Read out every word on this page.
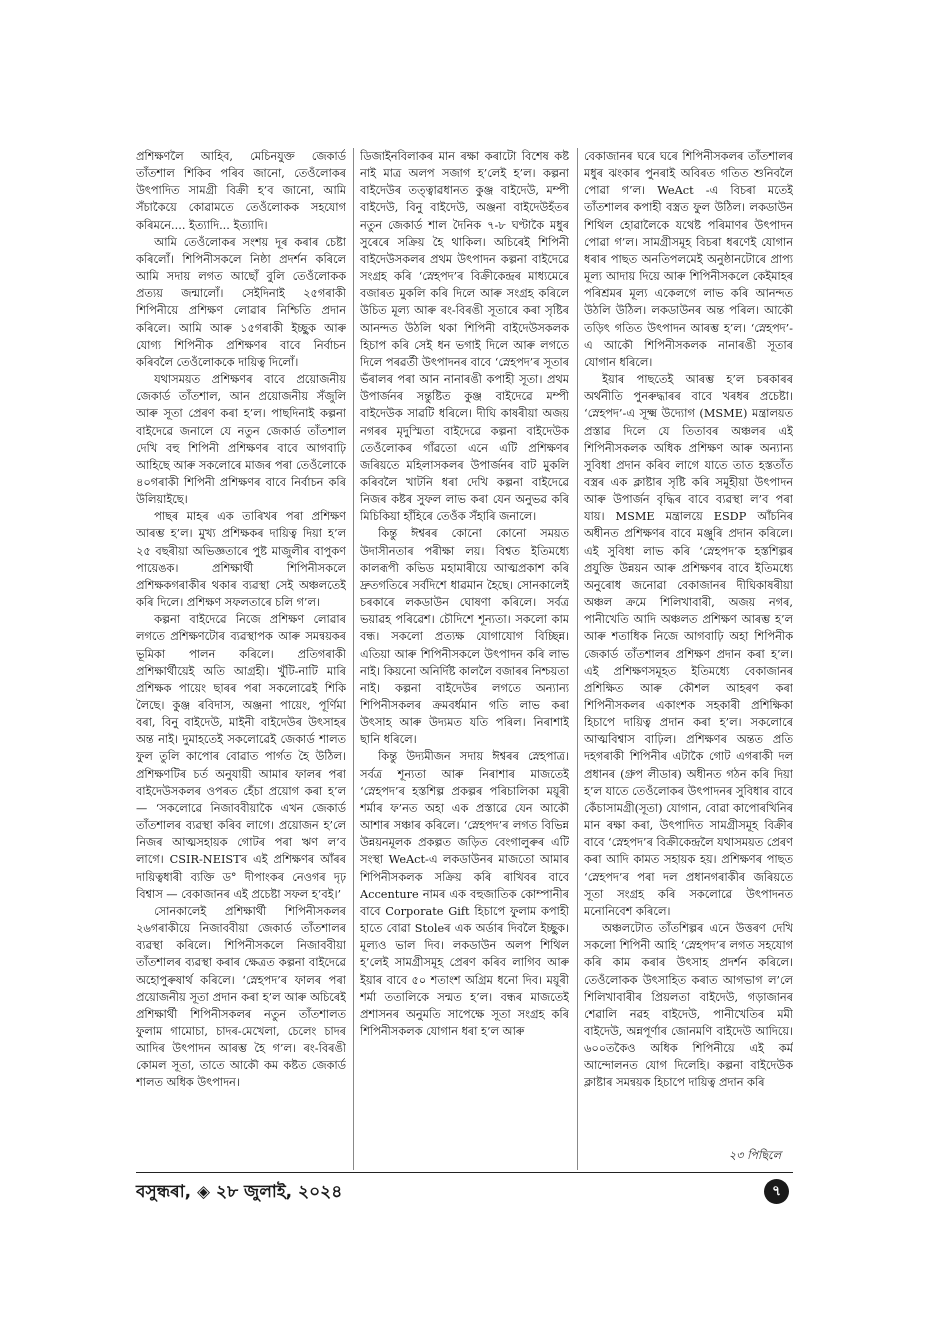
প্ৰশিক্ষণলৈ আহিব, মেচিনযুক্ত জেকাৰ্ড তাঁতশাল শিকিব পৰিব জানো, তেওঁলোকৰ উৎপাদিত সামগ্ৰী বিক্ৰী হ’ব জানো, আমি সঁচাকৈয়ে কোৱামতে তেওঁলোকক সহযোগ কৰিমনে.... ইত্যাদি... ইত্যাদি।

আমি তেওঁলোকৰ সংশয় দূৰ কৰাৰ চেষ্টা কৰিলোঁ। শিপিনীসকলে নিষ্ঠা প্ৰদৰ্শন কৰিলে আমি সদায় লগত আছোঁ বুলি তেওঁলোকক প্ৰত্যয় জন্মালোঁ। সেইদিনাই ২৫গৰাকী শিপিনীয়ে প্ৰশিক্ষণ লোৱাৰ নিশ্চিতি প্ৰদান কৰিলে। আমি আৰু ১৫গৰাকী ইচ্ছুক আৰু যোগ্য শিপিনীক প্ৰশিক্ষণৰ বাবে নিৰ্বাচন কৰিবলৈ তেওঁলোককে দায়িত্ব দিলোঁ।

যথাসময়ত প্ৰশিক্ষণৰ বাবে প্ৰয়োজনীয় জেকাৰ্ড তাঁতশাল, আন প্ৰয়োজনীয় সঁজুলি আৰু সূতা প্ৰেৰণ কৰা হ’ল। পাছদিনাই কল্পনা বাইদেৱে জনালে যে নতুন জেকাৰ্ড তাঁতশাল দেখি বহু শিপিনী প্ৰশিক্ষণৰ বাবে আগবাঢ়ি আহিছে আৰু সকলোৰে মাজৰ পৰা তেওঁলোকে ৪০গৰাকী শিপিনী প্ৰশিক্ষণৰ বাবে নিৰ্বাচন কৰি উলিয়াইছে।

পাছৰ মাহৰ এক তাৰিখৰ পৰা প্ৰশিক্ষণ আৰম্ভ হ’ল। মুখ্য প্ৰশিক্ষকৰ দায়িত্ব দিয়া হ’ল ২৫ বছৰীয়া অভিজ্ঞতাৰে পুষ্ট মাজুলীৰ বাপুকণ পায়েঙক। প্ৰশিক্ষাৰ্থী শিপিনীসকলে প্ৰশিক্ষকগৰাকীৰ থকাৰ ব্যৱস্থা সেই অঞ্চলতেই কৰি দিলে। প্ৰশিক্ষণ সফলতাৰে চলি গ’ল।

কল্পনা বাইদেৱে নিজে প্ৰশিক্ষণ লোৱাৰ লগতে প্ৰশিক্ষণটোৰ ব্যৱস্থাপক আৰু সমন্বয়কৰ ভূমিকা পালন কৰিলে। প্ৰতিগৰাকী প্ৰশিক্ষাৰ্থীয়েই অতি আগ্ৰহী। খুঁটি-নাটি মাৰি প্ৰশিক্ষক পায়েং ছাৰৰ পৰা সকলোৱেই শিকি লৈছে। কুঞ্জ ৰবিদাস, অঞ্জনা পায়েং, পূৰ্ণিমা বৰা, বিনু বাইদেউ, মাইনী বাইদেউৰ উৎসাহৰ অন্ত নাই। দুমাহতেই সকলোৱেই জেকাৰ্ড শালত ফুল তুলি কাপোৰ বোৱাত পাৰ্গত হৈ উঠিল। প্ৰশিক্ষণটিৰ চৰ্ত অনুযায়ী আমাৰ ফালৰ পৰা বাইদেউসকলৰ ওপৰত হেঁচা প্ৰয়োগ কৰা হ’ল— ‘সকলোৱে নিজাববীয়াকৈ এখন জেকাৰ্ড তাঁতশালৰ ব্যৱস্থা কৰিব লাগে। প্ৰয়োজন হ’লে নিজৰ আত্মসহায়ক গোটৰ পৰা ঋণ ল’ব লাগে। CSIR-NEISTৰ এই প্ৰশিক্ষণৰ আঁৰৰ দায়িত্বধাৰী ব্যক্তি ড° দীপাংকৰ নেওগৰ দৃঢ় বিশ্বাস — বেকাজানৰ এই প্ৰচেষ্টা সফল হ’বই।’

সোনকালেই প্ৰশিক্ষাৰ্থী শিপিনীসকলৰ ২৬গৰাকীয়ে নিজাববীয়া জেকাৰ্ড তাঁতশালৰ ব্যৱস্থা কৰিলে। শিপিনীসকলে নিজাববীয়া তাঁতশালৰ ব্যৱস্থা কৰাৰ ক্ষেত্ৰত কল্পনা বাইদেৱে অহোপুৰুষাৰ্থ কৰিলে। ‘স্নেহপদ’ৰ ফালৰ পৰা প্ৰয়োজনীয় সূতা প্ৰদান কৰা হ’ল আৰু অচিৰেই প্ৰশিক্ষাৰ্থী শিপিনীসকলৰ নতুন তাঁতশালত ফুলাম গামোচা, চাদৰ-মেখেলা, চেলেং চাদৰ আদিৰ উৎপাদন আৰম্ভ হৈ গ’ল। ৰং-বিৰঙী কোমল সূতা, তাতে আকৌ কম কষ্টত জেকাৰ্ড শালত অধিক উৎপাদন।

ডিজাইনবিলাকৰ মান ৰক্ষা কৰাটো বিশেষ কষ্ট নাই মাত্ৰ অলপ সজাগ হ’লেই হ’ল। কল্পনা বাইদেউৰ তত্ত্বাৱধানত কুঞ্জ বাইদেউ, মম্পী বাইদেউ, বিনু বাইদেউ, অঞ্জনা বাইদেউহঁতৰ নতুন জেকাৰ্ড শাল দৈনিক ৭-৮ ঘণ্টাকৈ মধুৰ সুৰেৰে সক্ৰিয় হৈ থাকিল। অচিৰেই শিপিনী বাইদেউসকলৰ প্ৰথম উৎপাদন কল্পনা বাইদেৱে সংগ্ৰহ কৰি ‘স্নেহপদ’ৰ বিক্ৰীকেন্দ্ৰৰ মাধ্যমেৰে বজাৰত মুকলি কৰি দিলে আৰু সংগ্ৰহ কৰিলে উচিত মূল্য আৰু ৰং-বিৰঙী সূতাৰে কৰা সৃষ্টিৰ আনন্দত উঠলি থকা শিপিনী বাইদেউসকলক হিচাপ কৰি সেই ধন ভগাই দিলে আৰু লগতে দিলে পৰৱৰ্তী উৎপাদনৰ বাবে ‘স্নেহপদ’ৰ সূতাৰ ভঁৰালৰ পৰা আন নানাৰঙী কপাহী সূতা। প্ৰথম উপাৰ্জনৰ সন্তুষ্টিত কুঞ্জ বাইদেৱে মম্পী বাইদেউক সাৱটি ধৰিলে। দীঘি কাষৰীয়া অজয় নগৰৰ মৃদুস্মিতা বাইদেৱে কল্পনা বাইদেউক তেওঁলোকৰ গাঁৱতো এনে এটি প্ৰশিক্ষণৰ জৰিয়তে মহিলাসকলৰ উপাৰ্জনৰ বাট মুকলি কৰিবলৈ খাটনি ধৰা দেখি কল্পনা বাইদেৱে নিজৰ কষ্টৰ সুফল লাভ কৰা যেন অনুভৱ কৰি মিচিকিয়া হাঁহিৰে তেওঁক সঁহাৰি জনালে।

কিন্তু ঈশ্বৰৰ কোনো কোনো সময়ত উদাসীনতাৰ পৰীক্ষা লয়। বিশ্বত ইতিমধ্যে কালৰূপী কভিড মহামাৰীয়ে আত্মপ্ৰকাশ কৰি দ্ৰুতগতিৰে সৰ্বদিশে ধাৱমান হৈছে। সোনকালেই চৰকাৰে লকডাউন ঘোষণা কৰিলে। সৰ্বত্ৰ ভয়াৱহ পৰিৱেশ। চৌদিশে শূন্যতা। সকলো কাম বন্ধ। সকলো প্ৰত্যক্ষ যোগাযোগ বিচ্ছিন্ন। এতিয়া আৰু শিপিনীসকলে উৎপাদন কৰি লাভ নাই। কিয়নো অনিৰ্দিষ্ট কাললৈ বজাৰৰ নিশ্চয়তা নাই। কল্পনা বাইদেউৰ লগতে অন্যান্য শিপিনীসকলৰ ক্ৰমবৰ্ধমান গতি লাভ কৰা উৎসাহ আৰু উদ্যমত যতি পৰিল। নিৰাশাই ছানি ধৰিলে।

কিন্তু উদ্যমীজন সদায় ঈশ্বৰৰ স্নেহপাত্ৰ। সৰ্বত্ৰ শূন্যতা আৰু নিৰাশাৰ মাজতেই ‘স্নেহপদ’ৰ হস্তশিল্প প্ৰকল্পৰ পৰিচালিকা ময়ূৰী শৰ্মাৰ ফ’নত অহা এক প্ৰস্তাৱে যেন আকৌ আশাৰ সঞ্চাৰ কৰিলে। ‘স্নেহপদ’ৰ লগত বিভিন্ন উন্নয়নমূলক প্ৰকল্পত জড়িত বেংগালুৰুৰ এটি সংস্থা WeAct-এ লকডাউনৰ মাজতো আমাৰ শিপিনীসকলক সক্ৰিয় কৰি ৰাখিবৰ বাবে Accenture নামৰ এক বহুজাতিক কোম্পানীৰ বাবে Corporate Gift হিচাপে ফুলাম কপাহী হাতে বোৱা Stoleৰ এক অৰ্ডাৰ দিবলৈ ইচ্ছুক। মূল্যও ভাল দিব। লকডাউন অলপ শিথিল হ’লেই সামগ্ৰীসমূহ প্ৰেৰণ কৰিব লাগিব আৰু ইয়াৰ বাবে ৫০ শতাংশ অগ্ৰিম ধনো দিব। ময়ূৰী শৰ্মা ততালিকে সন্মত হ’ল। বন্ধৰ মাজতেই প্ৰশাসনৰ অনুমতি সাপেক্ষে সূতা সংগ্ৰহ কৰি শিপিনীসকলক যোগান ধৰা হ’ল আৰু

বেকাজানৰ ঘৰে ঘৰে শিপিনীসকলৰ তাঁতশালৰ মধুৰ ঝংকাৰ পুনৰাই অবিৰত গতিত শুনিবলৈ পোৱা গ’ল। WeAct -এ বিচৰা মতেই তাঁতশালৰ কপাহী বস্ত্ৰত ফুল উঠিল। লকডাউন শিথিল হোৱালৈকে যথেষ্ট পৰিমাণৰ উৎপাদন পোৱা গ’ল। সামগ্ৰীসমূহ বিচৰা ধৰণেই যোগান ধৰাৰ পাছত অনতিপলমেই অনুষ্ঠানটোৰে প্ৰাপ্য মূল্য আদায় দিয়ে আৰু শিপিনীসকলে কেইমাহৰ পৰিশ্ৰমৰ মূল্য একেলগে লাভ কৰি আনন্দত উঠলি উঠিল। লকডাউনৰ অন্ত পৰিল। আকৌ তড়িৎ গতিত উৎপাদন আৰম্ভ হ’ল। ‘স্নেহপদ’-এ আকৌ শিপিনীসকলক নানাৰঙী সূতাৰ যোগান ধৰিলে।

ইয়াৰ পাছতেই আৰম্ভ হ’ল চৰকাৰৰ অৰ্থনীতি পুনৰুদ্ধাৰৰ বাবে খৰধৰ প্ৰচেষ্টা। ‘স্নেহপদ’-এ সূক্ষ্ম উদ্যোগ (MSME) মন্ত্ৰালয়ত প্ৰস্তাৱ দিলে যে তিতাবৰ অঞ্চলৰ এই শিপিনীসকলক অধিক প্ৰশিক্ষণ আৰু অন্যান্য সুবিধা প্ৰদান কৰিব লাগে যাতে তাত হস্ততাঁত বস্ত্ৰৰ এক ক্লাষ্টাৰ সৃষ্টি কৰি সমূহীয়া উৎপাদন আৰু উপাৰ্জন বৃদ্ধিৰ বাবে ব্যৱস্থা ল’ব পৰা যায়। MSME মন্ত্ৰালয়ে ESDP আঁচনিৰ অধীনত প্ৰশিক্ষণৰ বাবে মঞ্জুৰি প্ৰদান কৰিলে। এই সুবিধা লাভ কৰি ‘স্নেহপদ’ক হস্তশিল্পৰ প্ৰযুক্তি উন্নয়ন আৰু প্ৰশিক্ষণৰ বাবে ইতিমধ্যে অনুৰোধ জনোৱা বেকাজানৰ দীঘিকাষৰীয়া অঞ্চল ক্ৰমে শিলিখাবাৰী, অজয় নগৰ, পানীখেতি আদি অঞ্চলত প্ৰশিক্ষণ আৰম্ভ হ’ল আৰু শতাধিক নিজে আগবাঢ়ি অহা শিপিনীক জেকাৰ্ড তাঁতশালৰ প্ৰশিক্ষণ প্ৰদান কৰা হ’ল। এই প্ৰশিক্ষণসমূহত ইতিমধ্যে বেকাজানৰ প্ৰশিক্ষিত আৰু কৌশল আহৰণ কৰা শিপিনীসকলৰ একাংশক সহকাৰী প্ৰশিক্ষিকা হিচাপে দায়িত্ব প্ৰদান কৰা হ’ল। সকলোৰে আত্মবিশ্বাস বাঢ়িল। প্ৰশিক্ষণৰ অন্তত প্ৰতি দহগৰাকী শিপিনীৰ এটাকৈ গোট এগৰাকী দল প্ৰধানৰ (গ্ৰুপ লীডাৰ) অধীনত গঠন কৰি দিয়া হ’ল যাতে তেওঁলোকৰ উৎপাদনৰ সুবিধাৰ বাবে কেঁচাসামগ্ৰী(সূতা) যোগান, বোৱা কাপোৰখিনিৰ মান ৰক্ষা কৰা, উৎপাদিত সামগ্ৰীসমূহ বিক্ৰীৰ বাবে ‘স্নেহপদ’ৰ বিক্ৰীকেন্দ্ৰলৈ যথাসময়ত প্ৰেৰণ কৰা আদি কামত সহায়ক হয়। প্ৰশিক্ষণৰ পাছত ‘স্নেহপদ’ৰ পৰা দল প্ৰধানগৰাকীৰ জৰিয়তে সূতা সংগ্ৰহ কৰি সকলোৱে উৎপাদনত মনোনিবেশ কৰিলে।

অঞ্চলটোত তাঁতশিল্পৰ এনে উত্তৰণ দেখি সকলো শিপিনী আহি ‘স্নেহপদ’ৰ লগত সহযোগ কৰি কাম কৰাৰ উৎসাহ প্ৰদৰ্শন কৰিলে। তেওঁলোকক উৎসাহিত কৰাত আগভাগ ল’লে শিলিখাবাৰীৰ প্ৰিয়লতা বাইদেউ, গড়াজানৰ শেৱালি নৱহ বাইদেউ, পানীখেতিৰ মমী বাইদেউ, অন্নপূৰ্ণাৰ জোনমণি বাইদেউ আদিয়ে। ৬০০তকৈও অধিক শিপিনীয়ে এই কৰ্ম আন্দোলনত যোগ দিলেহি। কল্পনা বাইদেউক ক্লাষ্টাৰ সমন্বয়ক হিচাপে দায়িত্ব প্ৰদান কৰি

২৩ পিছিলে
বসুন্ধৰা, ◈ ২৮ জুলাই, ২০২৪	৭
